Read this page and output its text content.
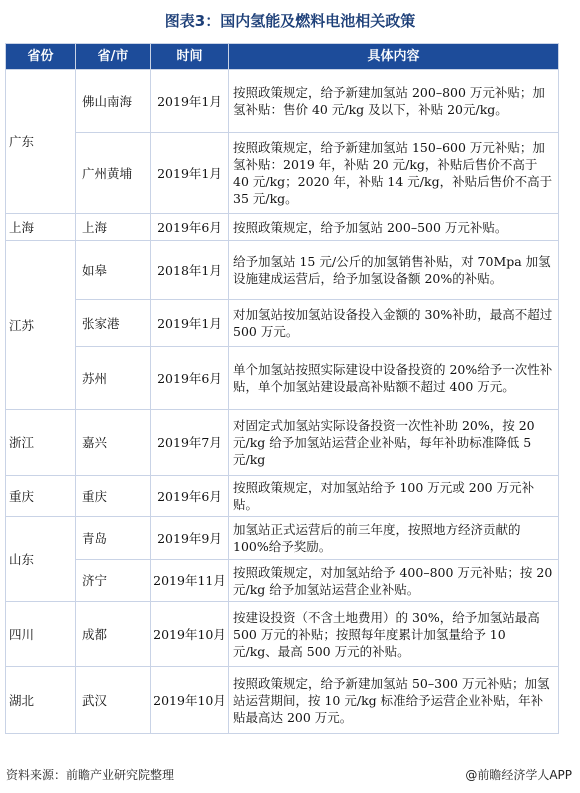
图表3：国内氢能及燃料电池相关政策
省份	省/市	时间	具体内容
广东	佛山南海	2019年1月	按照政策规定，给予新建加氢站 200–800 万元补贴；加氢补贴：售价 40 元/kg 及以下，补贴 20元/kg。
	广州黄埔	2019年1月	按照政策规定，给予新建加氢站 150–600 万元补贴；加氢补贴：2019 年，补贴 20 元/kg，补贴后售价不高于 40 元/kg；2020 年，补贴 14 元/kg，补贴后售价不高于 35 元/kg。
上海	上海	2019年6月	按照政策规定，给予加氢站 200–500 万元补贴。
江苏	如皋	2018年1月	给予加氢站 15 元/公斤的加氢销售补贴，对 70Mpa 加氢设施建成运营后，给予加氢设备额 20%的补贴。
	张家港	2019年1月	对加氢站按加氢站设备投入金额的 30%补助，最高不超过 500 万元。
	苏州	2019年6月	单个加氢站按照实际建设中设备投资的 20%给予一次性补贴，单个加氢站建设最高补贴额不超过 400 万元。
浙江	嘉兴	2019年7月	对固定式加氢站实际设备投资一次性补助 20%，按 20 元/kg 给予加氢站运营企业补贴，每年补助标准降低 5 元/kg
重庆	重庆	2019年6月	按照政策规定，对加氢站给予 100 万元或 200 万元补贴。
山东	青岛	2019年9月	加氢站正式运营后的前三年度，按照地方经济贡献的 100%给予奖励。
	济宁	2019年11月	按照政策规定，对加氢站给予 400–800 万元补贴；按 20 元/kg 给予加氢站运营企业补贴。
四川	成都	2019年10月	按建设投资（不含土地费用）的 30%，给予加氢站最高 500 万元的补贴；按照每年度累计加氢量给予 10 元/kg、最高 500 万元的补贴。
湖北	武汉	2019年10月	按照政策规定，给予新建加氢站 50–300 万元补贴；加氢站运营期间，按 10 元/kg 标准给予运营企业补贴，年补贴最高达 200 万元。
资料来源：前瞻产业研究院整理	@前瞻经济学人APP
